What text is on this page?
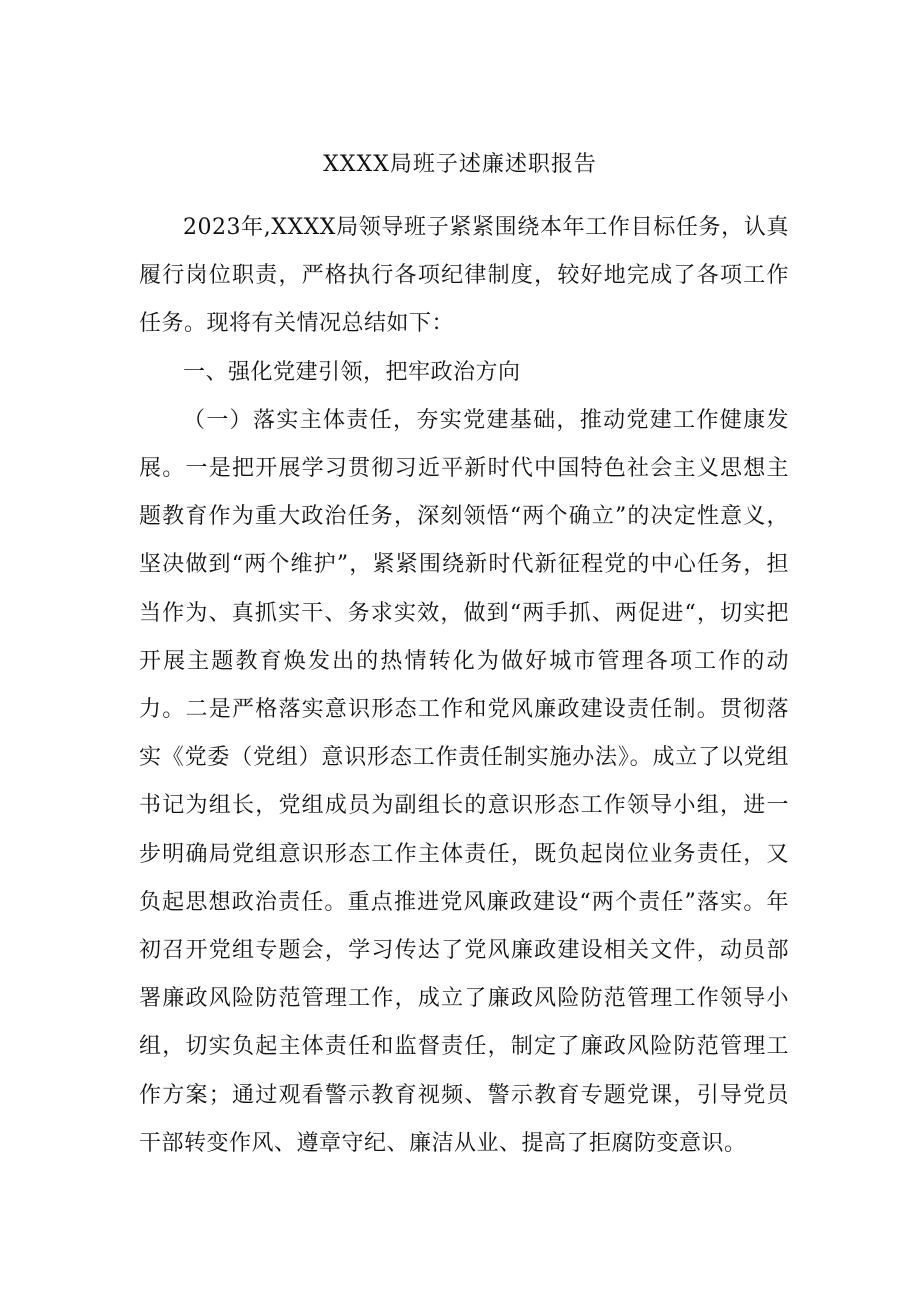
XXXX局班子述廉述职报告

2023年,XXXX局领导班子紧紧围绕本年工作目标任务，认真履行岗位职责，严格执行各项纪律制度，较好地完成了各项工作任务。现将有关情况总结如下：

一、强化党建引领，把牢政治方向

（一）落实主体责任，夯实党建基础，推动党建工作健康发展。一是把开展学习贯彻习近平新时代中国特色社会主义思想主题教育作为重大政治任务，深刻领悟“两个确立”的决定性意义，坚决做到“两个维护”，紧紧围绕新时代新征程党的中心任务，担当作为、真抓实干、务求实效，做到“两手抓、两促进“，切实把开展主题教育焕发出的热情转化为做好城市管理各项工作的动力。二是严格落实意识形态工作和党风廉政建设责任制。贯彻落实《党委（党组）意识形态工作责任制实施办法》。成立了以党组书记为组长，党组成员为副组长的意识形态工作领导小组，进一步明确局党组意识形态工作主体责任，既负起岗位业务责任，又负起思想政治责任。重点推进党风廉政建设“两个责任”落实。年初召开党组专题会，学习传达了党风廉政建设相关文件，动员部署廉政风险防范管理工作，成立了廉政风险防范管理工作领导小组，切实负起主体责任和监督责任，制定了廉政风险防范管理工作方案；通过观看警示教育视频、警示教育专题党课，引导党员干部转变作风、遵章守纪、廉洁从业、提高了拒腐防变意识。
